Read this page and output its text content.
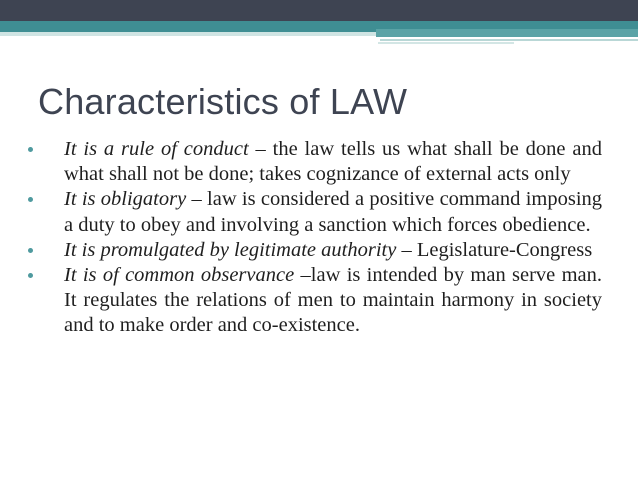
Characteristics of LAW
It is a rule of conduct – the law tells us what shall be done and what shall not be done; takes cognizance of external acts only
It is obligatory – law is considered a positive command imposing a duty to obey and involving a sanction which forces obedience.
It is promulgated by legitimate authority – Legislature-Congress
It is of common observance –law is intended by man serve man. It regulates the relations of men to maintain harmony in society and to make order and co-existence.
